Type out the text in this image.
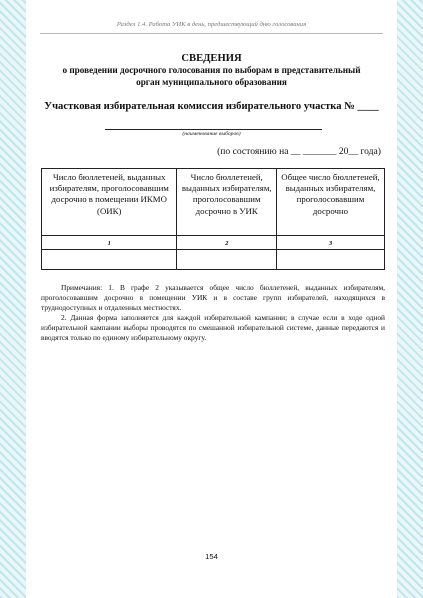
Раздел 1.4. Работа УИК в день, предшествующий дню голосования
СВЕДЕНИЯ
о проведении досрочного голосования по выборам в представительный орган муниципального образования
Участковая избирательная комиссия избирательного участка № ____
(наименование выборов)
(по состоянию на __ _______ 20__ года)
Число бюллетеней, выданных избирателям, проголосовавшим досрочно в помещении ИКМО (ОИК)	Число бюллетеней, выданных избирателям, проголосовавшим досрочно в УИК	Общее число бюллетеней, выданных избирателям, проголосовавшим досрочно
1	2	3

Примечания: 1. В графе 2 указывается общее число бюллетеней, выданных избирателям, проголосовавшим досрочно в помещении УИК и в составе групп избирателей, находящихся в труднодоступных и отдаленных местностях.

2. Данная форма заполняется для каждой избирательной кампании; в случае если в ходе одной избирательной кампании выборы проводятся по смешанной избирательной системе, данные передаются и вводятся только по единому избирательному округу.

154
